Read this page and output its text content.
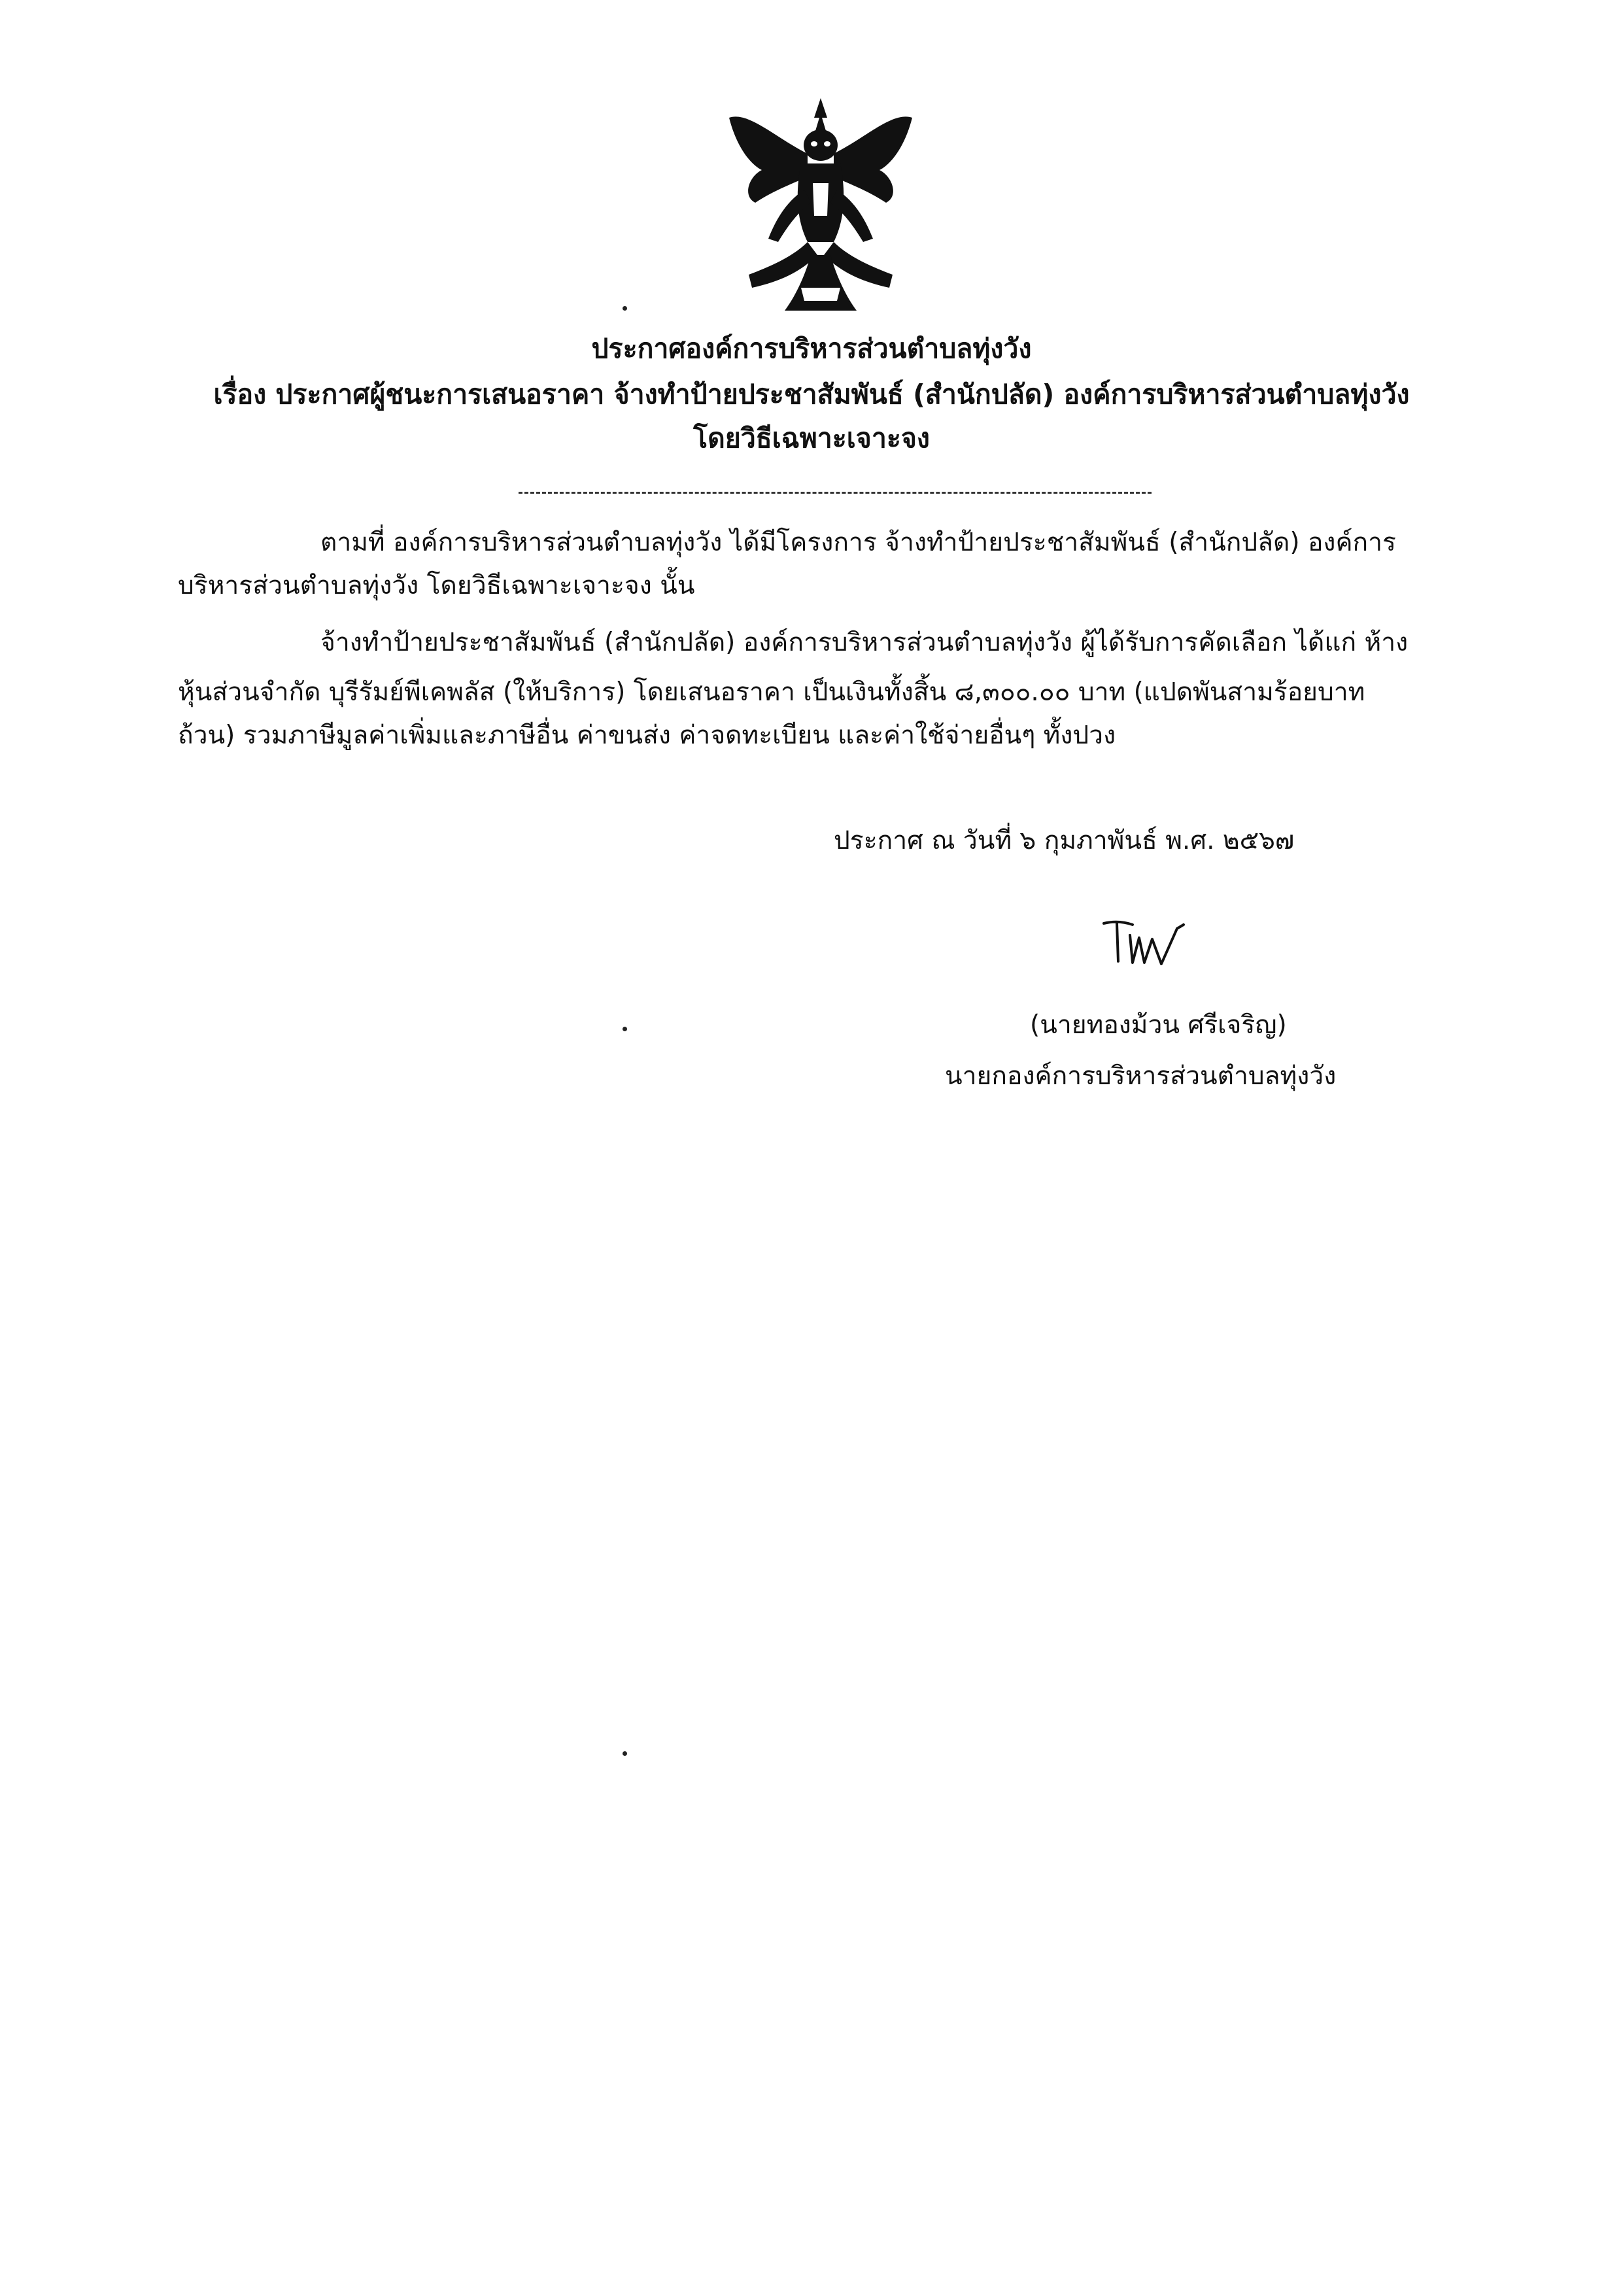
ประกาศองค์การบริหารส่วนตำบลทุ่งวัง
เรื่อง ประกาศผู้ชนะการเสนอราคา จ้างทำป้ายประชาสัมพันธ์ (สำนักปลัด) องค์การบริหารส่วนตำบลทุ่งวัง
โดยวิธีเฉพาะเจาะจง
ตามที่ องค์การบริหารส่วนตำบลทุ่งวัง ได้มีโครงการ จ้างทำป้ายประชาสัมพันธ์ (สำนักปลัด) องค์การ
บริหารส่วนตำบลทุ่งวัง โดยวิธีเฉพาะเจาะจง นั้น
จ้างทำป้ายประชาสัมพันธ์ (สำนักปลัด) องค์การบริหารส่วนตำบลทุ่งวัง ผู้ได้รับการคัดเลือก ได้แก่ ห้าง
หุ้นส่วนจำกัด บุรีรัมย์พีเคพลัส (ให้บริการ) โดยเสนอราคา เป็นเงินทั้งสิ้น ๘,๓๐๐.๐๐ บาท (แปดพันสามร้อยบาท
ถ้วน) รวมภาษีมูลค่าเพิ่มและภาษีอื่น ค่าขนส่ง ค่าจดทะเบียน และค่าใช้จ่ายอื่นๆ ทั้งปวง
ประกาศ ณ วันที่ ๖ กุมภาพันธ์ พ.ศ. ๒๕๖๗
(นายทองม้วน ศรีเจริญ)
นายกองค์การบริหารส่วนตำบลทุ่งวัง
